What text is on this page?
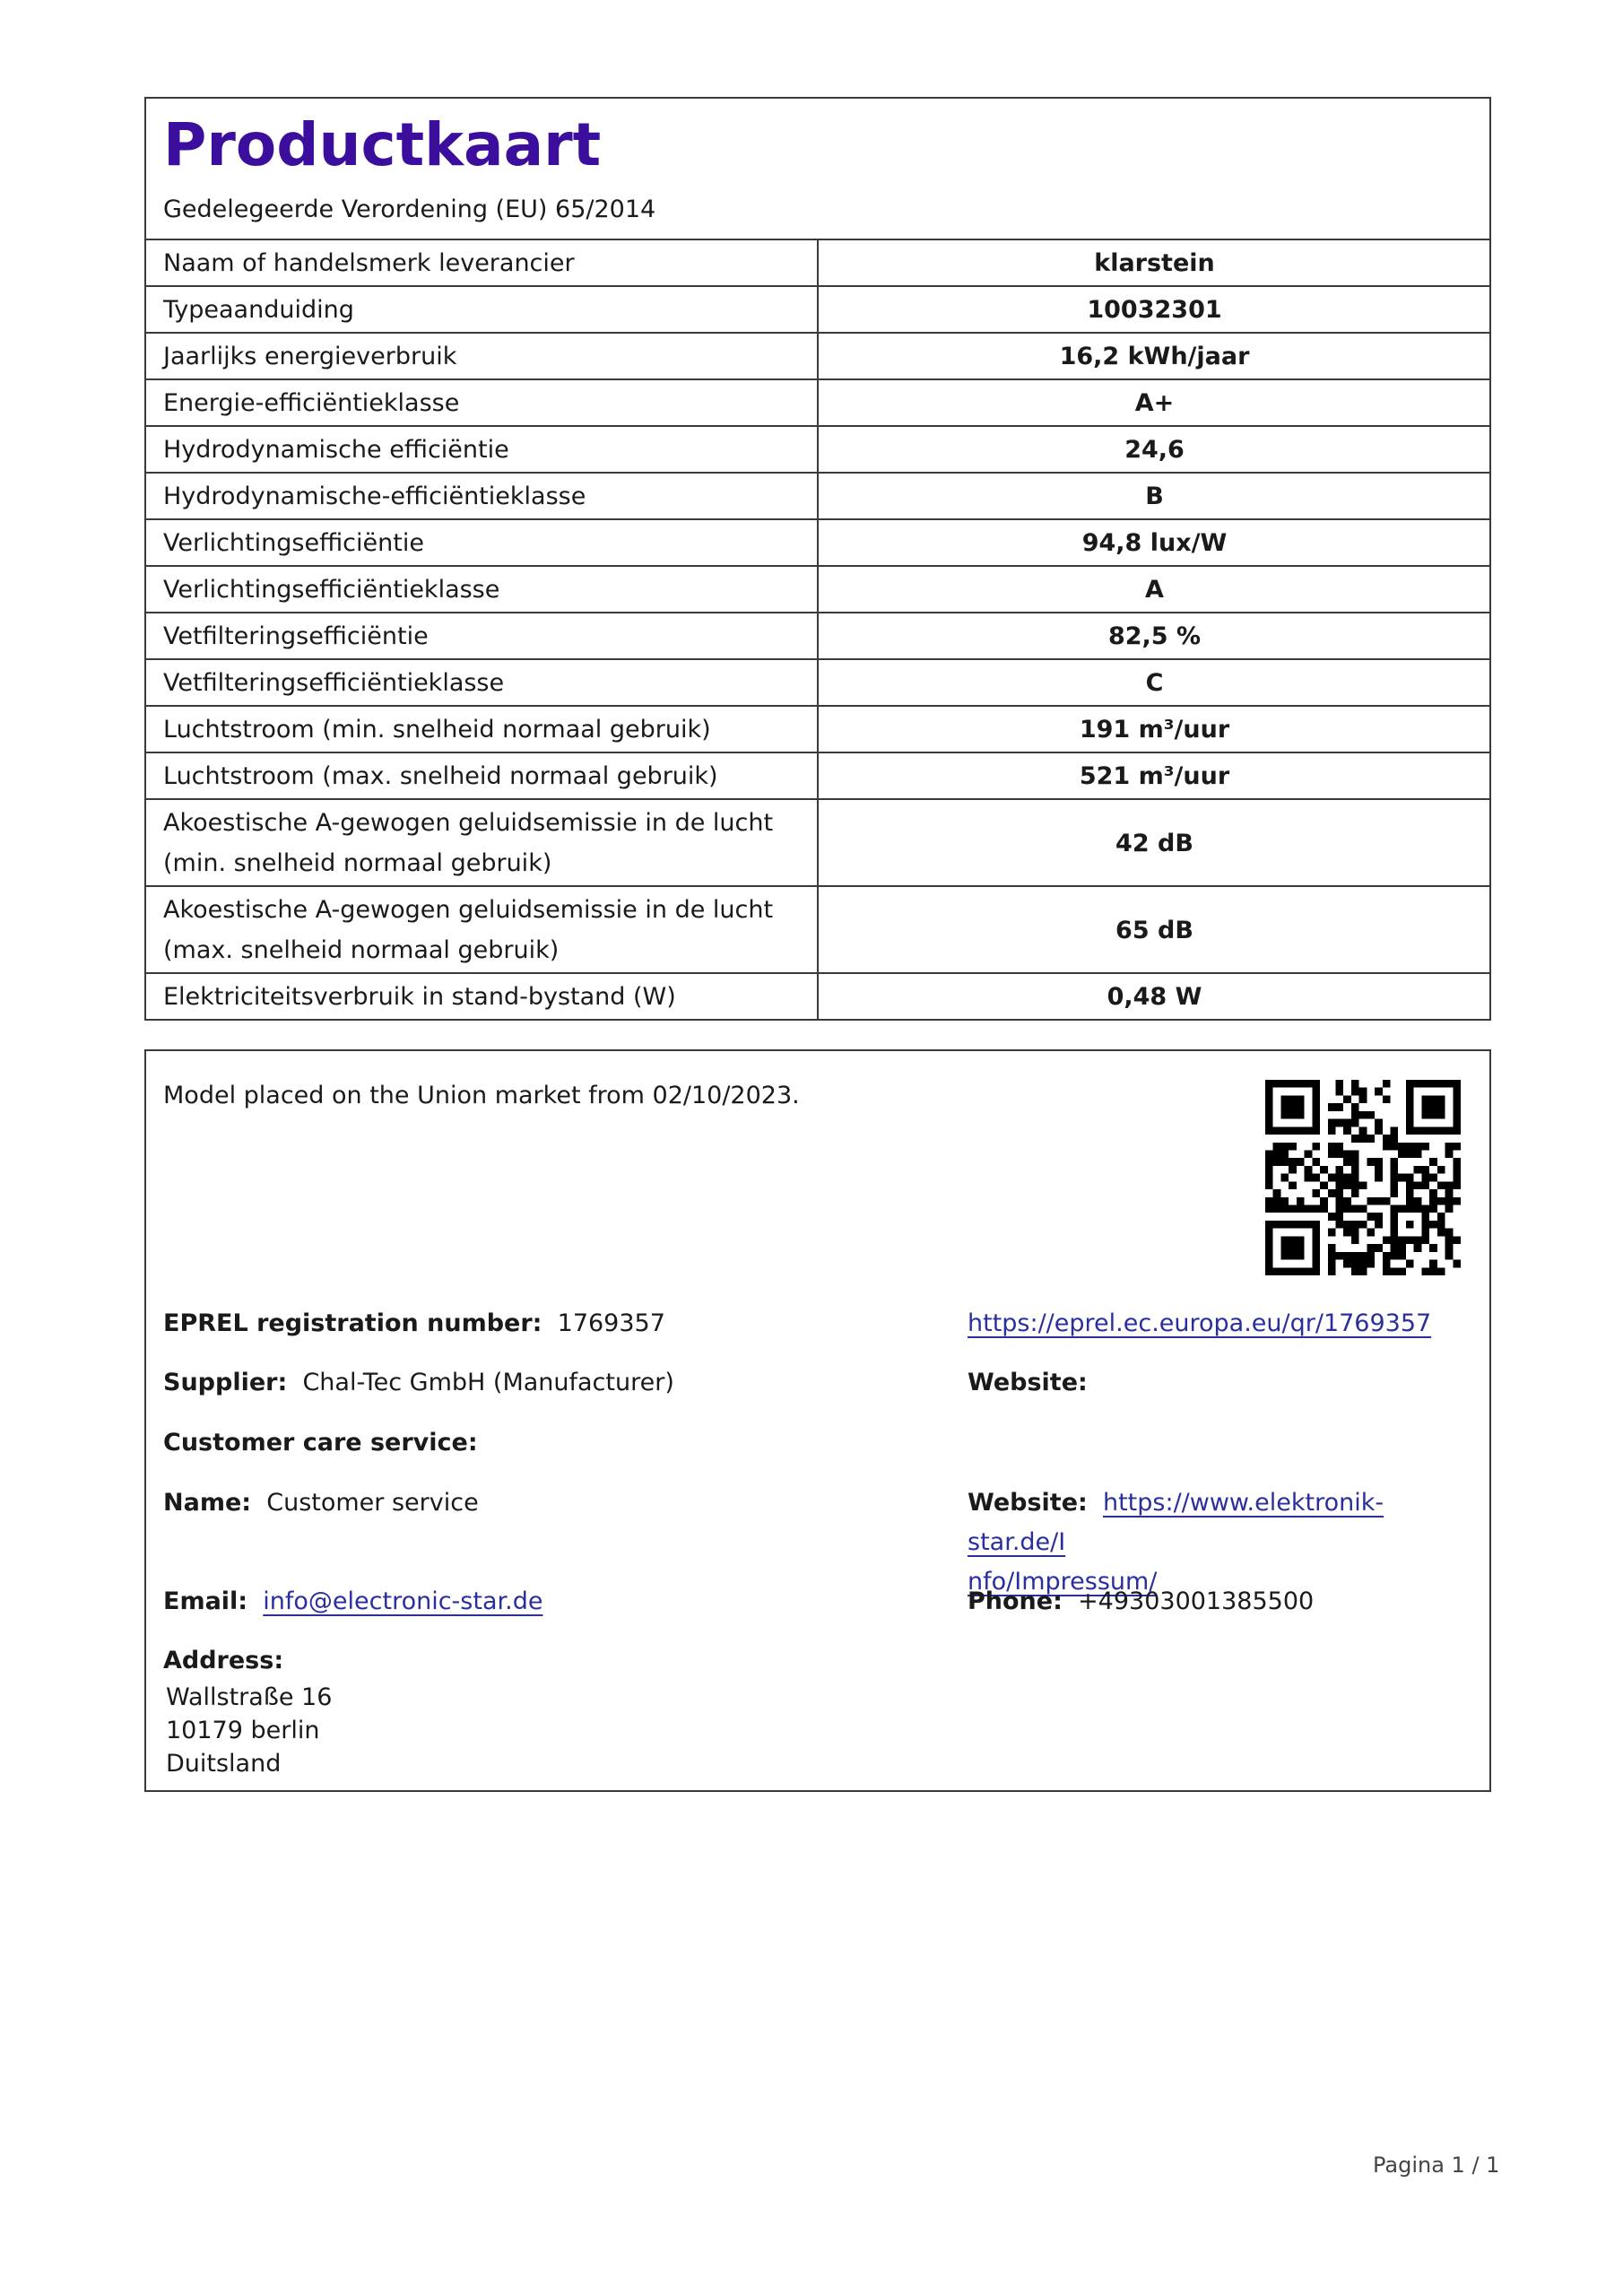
Productkaart
Gedelegeerde Verordening (EU) 65/2014
Naam of handelsmerk leverancier	klarstein
Typeaanduiding	10032301
Jaarlijks energieverbruik	16,2 kWh/jaar
Energie-efficiëntieklasse	A+
Hydrodynamische efficiëntie	24,6
Hydrodynamische-efficiëntieklasse	B
Verlichtingsefficiëntie	94,8 lux/W
Verlichtingsefficiëntieklasse	A
Vetfilteringsefficiëntie	82,5 %
Vetfilteringsefficiëntieklasse	C
Luchtstroom (min. snelheid normaal gebruik)	191 m³/uur
Luchtstroom (max. snelheid normaal gebruik)	521 m³/uur
Akoestische A-gewogen geluidsemissie in de lucht (min. snelheid normaal gebruik)	42 dB
Akoestische A-gewogen geluidsemissie in de lucht (max. snelheid normaal gebruik)	65 dB
Elektriciteitsverbruik in stand-bystand (W)	0,48 W
Model placed on the Union market from 02/10/2023.
EPREL registration number: 1769357	https://eprel.ec.europa.eu/qr/1769357
Supplier: Chal-Tec GmbH (Manufacturer)	Website:
Customer care service:
Name: Customer service	Website: https://www.elektronik-star.de/I
nfo/Impressum/
Email: info@electronic-star.de	Phone: +49303001385500
Address:
Wallstraße 16
10179 berlin
Duitsland
Pagina 1 / 1
